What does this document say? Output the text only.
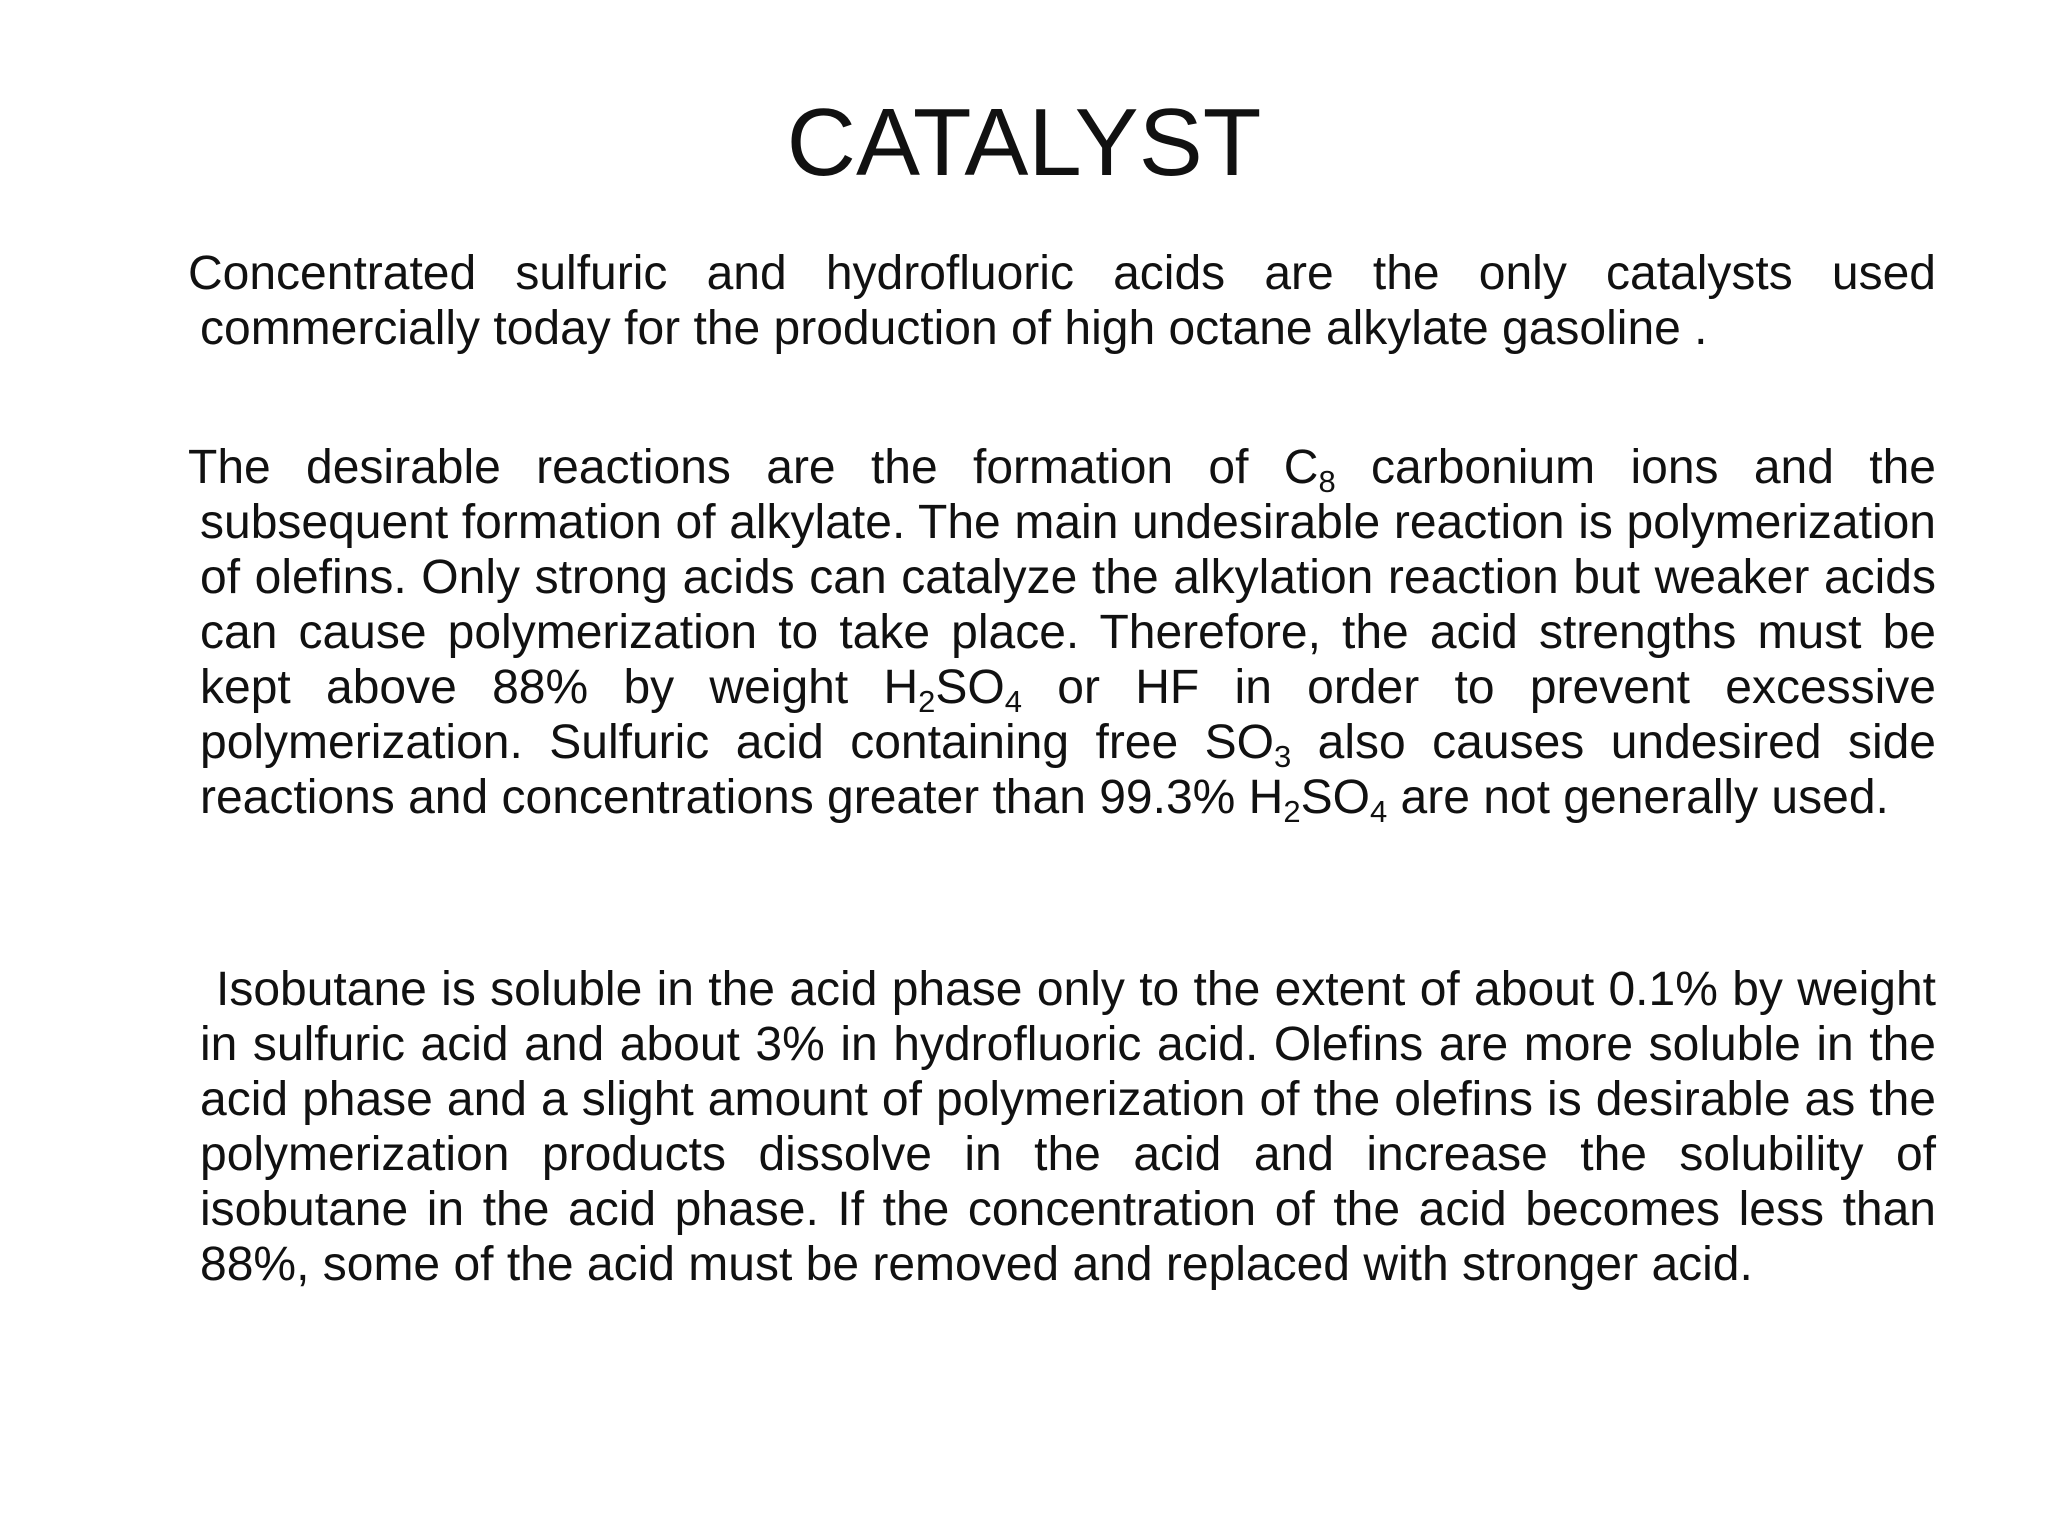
CATALYST

Concentrated sulfuric and hydrofluoric acids are the only catalysts used commercially today for the production of high octane alkylate gasoline .

The desirable reactions are the formation of $C_8$ carbonium ions and the subsequent formation of alkylate. The main undesirable reaction is polymerization of olefins. Only strong acids can catalyze the alkylation reaction but weaker acids can cause polymerization to take place. Therefore, the acid strengths must be kept above 88% by weight $H_2SO_4$ or HF in order to prevent excessive polymerization. Sulfuric acid containing free $SO_3$ also causes undesired side reactions and concentrations greater than 99.3% $H_2SO_4$ are not generally used.

Isobutane is soluble in the acid phase only to the extent of about 0.1% by weight in sulfuric acid and about 3% in hydrofluoric acid. Olefins are more soluble in the acid phase and a slight amount of polymerization of the olefins is desirable as the polymerization products dissolve in the acid and increase the solubility of isobutane in the acid phase. If the concentration of the acid becomes less than 88%, some of the acid must be removed and replaced with stronger acid.
